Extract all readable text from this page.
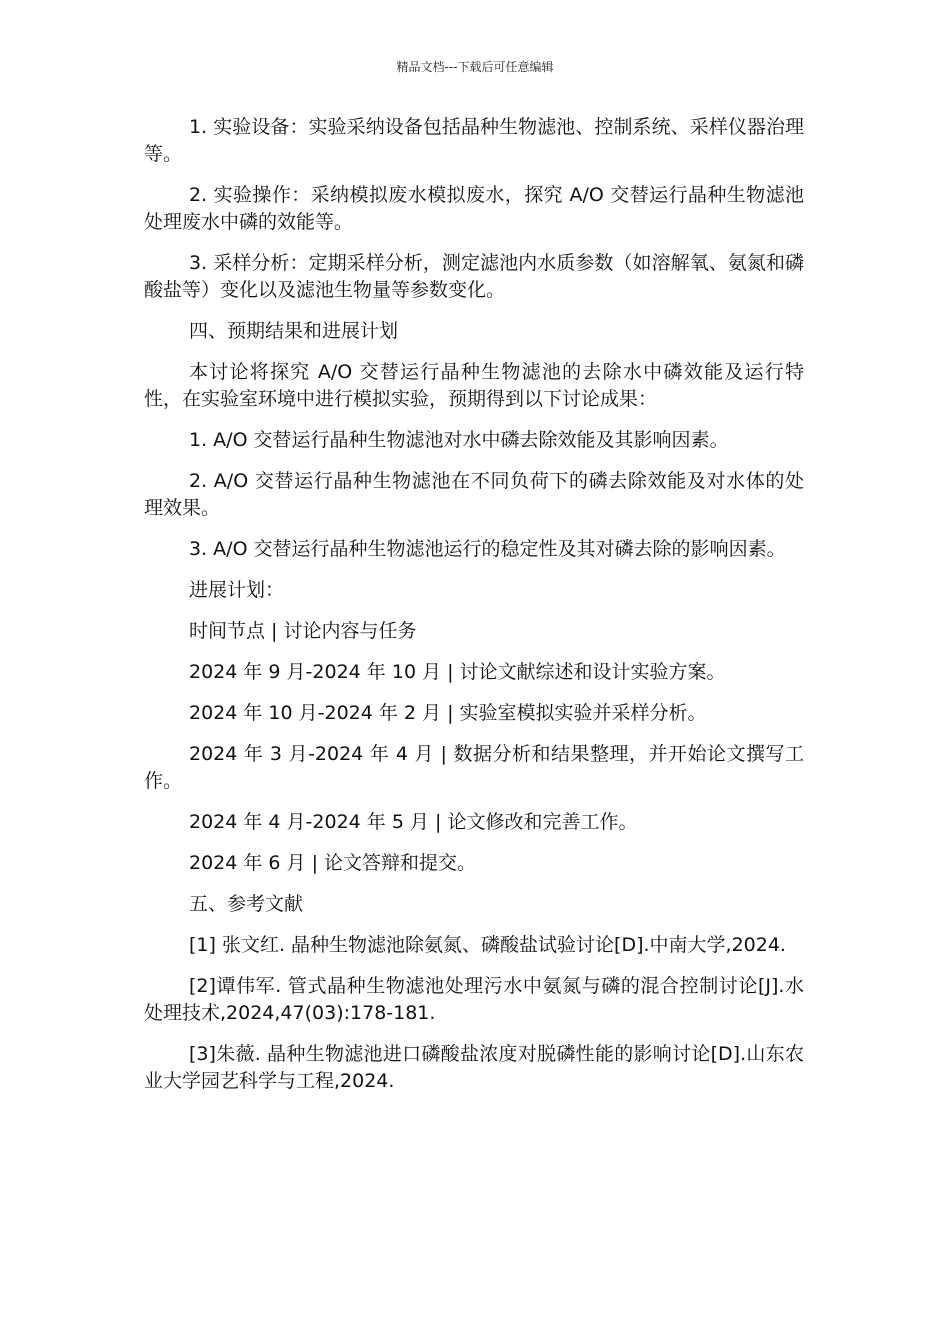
精品文档---下载后可任意编辑

1. 实验设备：实验采纳设备包括晶种生物滤池、控制系统、采样仪器治理等。

2. 实验操作：采纳模拟废水模拟废水，探究 A/O 交替运行晶种生物滤池处理废水中磷的效能等。

3. 采样分析：定期采样分析，测定滤池内水质参数（如溶解氧、氨氮和磷酸盐等）变化以及滤池生物量等参数变化。

四、预期结果和进展计划

本讨论将探究 A/O 交替运行晶种生物滤池的去除水中磷效能及运行特性，在实验室环境中进行模拟实验，预期得到以下讨论成果：

1. A/O 交替运行晶种生物滤池对水中磷去除效能及其影响因素。

2. A/O 交替运行晶种生物滤池在不同负荷下的磷去除效能及对水体的处理效果。

3. A/O 交替运行晶种生物滤池运行的稳定性及其对磷去除的影响因素。

进展计划：

时间节点 | 讨论内容与任务

2024 年 9 月-2024 年 10 月 | 讨论文献综述和设计实验方案。

2024 年 10 月-2024 年 2 月 | 实验室模拟实验并采样分析。

2024 年 3 月-2024 年 4 月 | 数据分析和结果整理，并开始论文撰写工作。

2024 年 4 月-2024 年 5 月 | 论文修改和完善工作。

2024 年 6 月 | 论文答辩和提交。

五、参考文献

[1] 张文红. 晶种生物滤池除氨氮、磷酸盐试验讨论[D].中南大学,2024.

[2]谭伟军. 管式晶种生物滤池处理污水中氨氮与磷的混合控制讨论[J].水处理技术,2024,47(03):178-181.

[3]朱薇. 晶种生物滤池进口磷酸盐浓度对脱磷性能的影响讨论[D].山东农业大学园艺科学与工程,2024.
